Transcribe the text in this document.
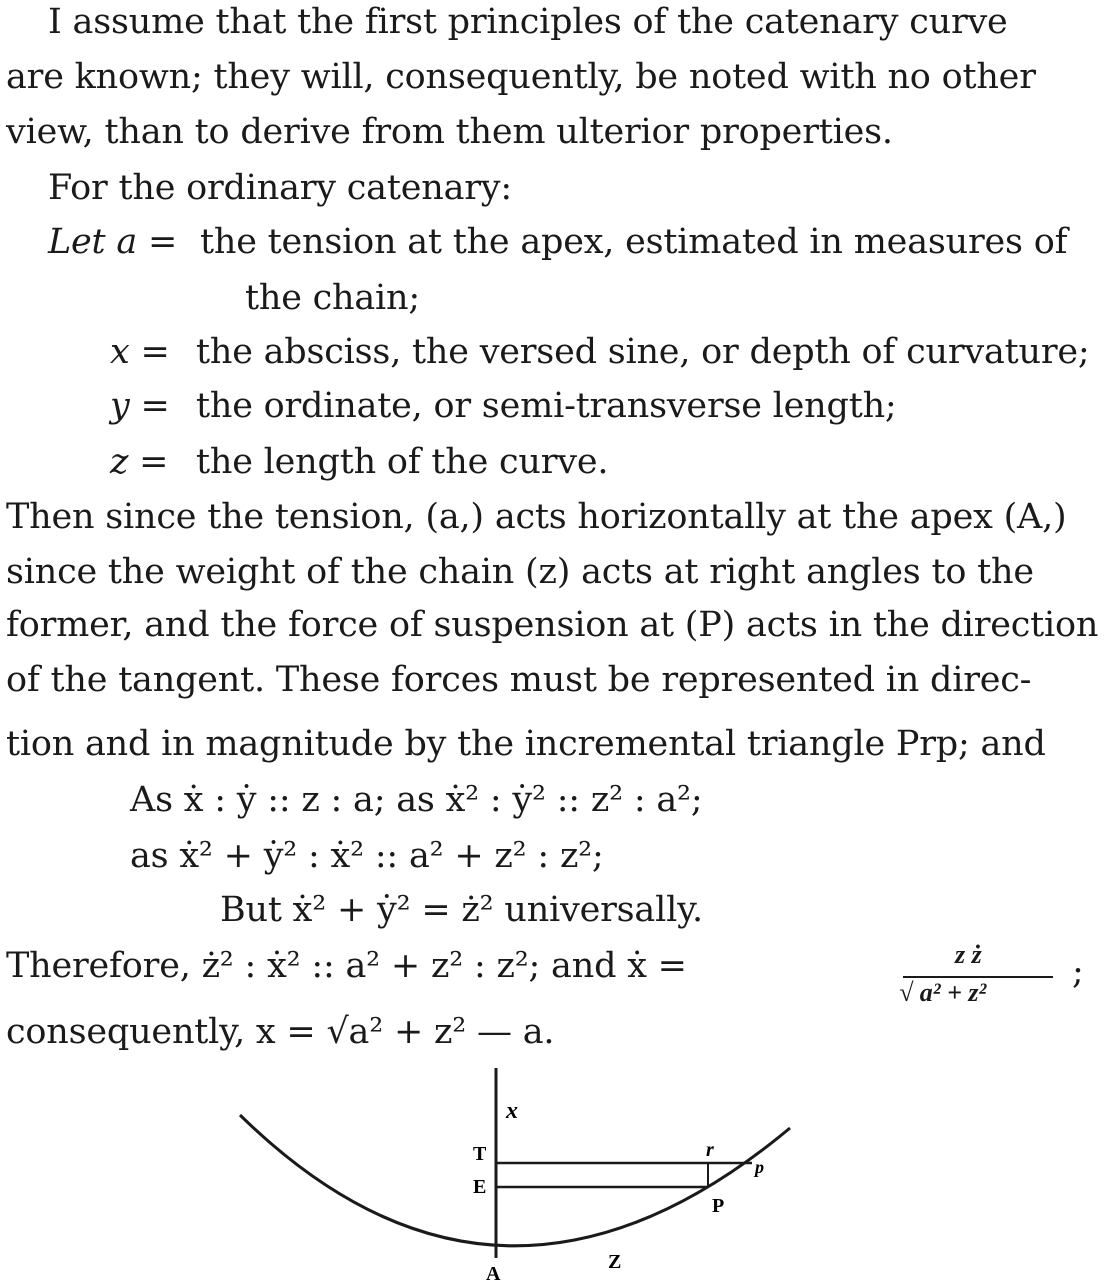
I assume that the first principles of the catenary curve
are known; they will, consequently, be noted with no other
view, than to derive from them ulterior properties.
For the ordinary catenary:
Let a = the tension at the apex, estimated in measures of
the chain;
x = the absciss, the versed sine, or depth of curvature;
y = the ordinate, or semi-transverse length;
z = the length of the curve.
Then since the tension, (a,) acts horizontally at the apex (A,)
since the weight of the chain (z) acts at right angles to the
former, and the force of suspension at (P) acts in the direction
of the tangent. These forces must be represented in direc-
tion and in magnitude by the incremental triangle Prp; and
As ẋ : ẏ :: z : a; as ẋ² : ẏ² :: z² : a²;
as ẋ² + ẏ² : ẋ² :: a² + z² : z²;
But ẋ² + ẏ² = ż² universally.
Therefore, ż² : ẋ² :: a² + z² : z²; and ẋ =	z ż
√ a² + z²
;
consequently, x = √a² + z² — a.
x
T
E
A
Z
r
p
P
